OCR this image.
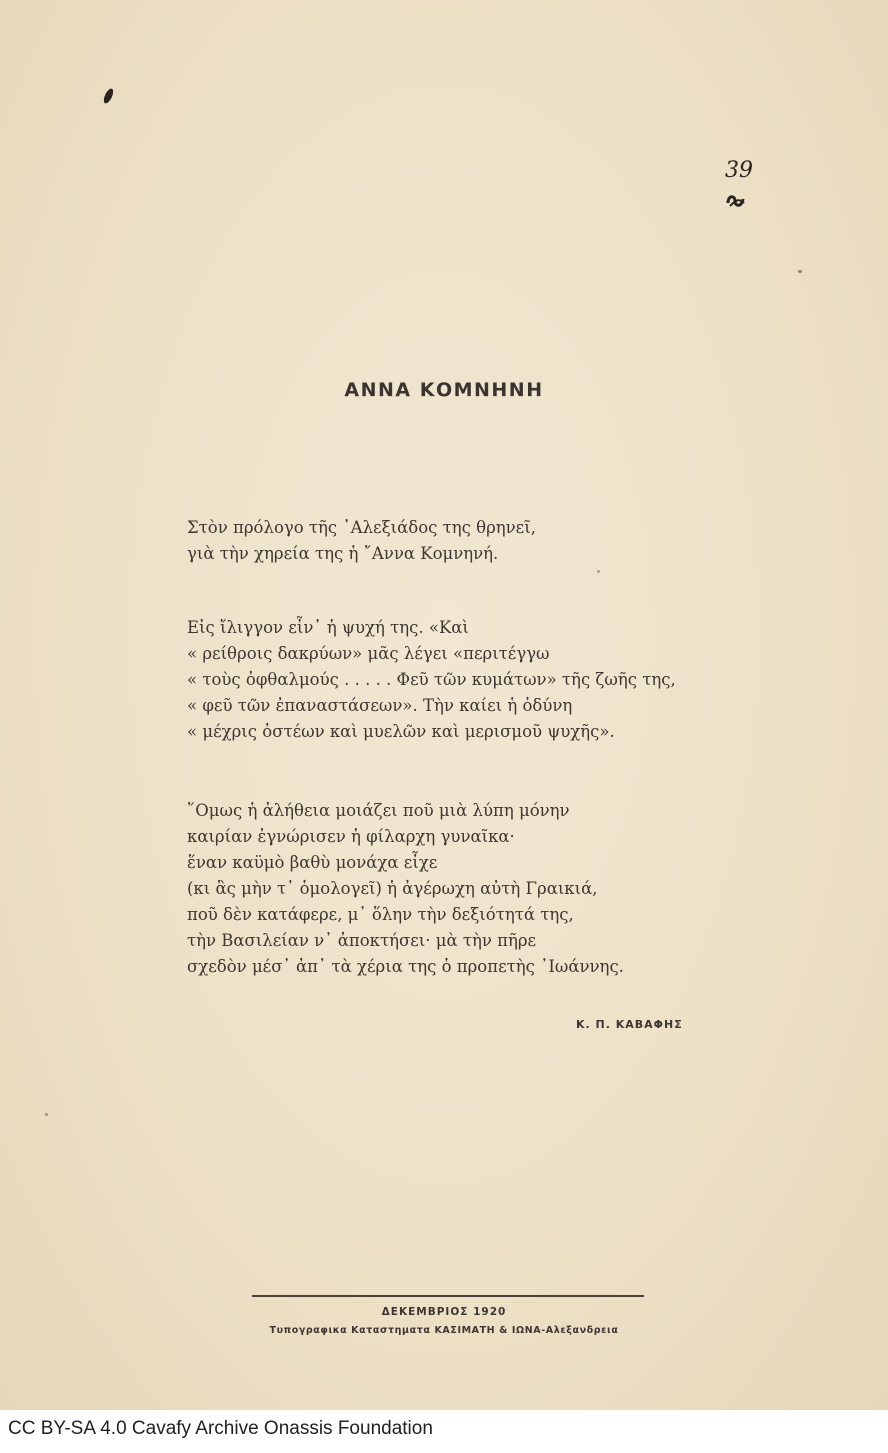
39
ΑΝΝΑ ΚΟΜΝΗΝΗ
Στὸν πρόλογο τῆς ᾿Αλεξιάδος της θρηνεῖ,
γιὰ τὴν χηρεία της ἡ ῎Αννα Κομνηνή.
Εἰς ἴλιγγον εἶν᾿ ἡ ψυχή της. «Καὶ
« ρείθροις δακρύων» μᾶς λέγει «περιτέγγω
« τοὺς ὀφθαλμούς . . . . . Φεῦ τῶν κυμάτων» τῆς ζωῆς της,
« φεῦ τῶν ἐπαναστάσεων». Τὴν καίει ἡ ὀδύνη
« μέχρις ὀστέων καὶ μυελῶν καὶ μερισμοῦ ψυχῆς».
῞Ομως ἡ ἀλήθεια μοιάζει ποῦ μιὰ λύπη μόνην
καιρίαν ἐγνώρισεν ἡ φίλαρχη γυναῖκα·
ἕναν καϋμὸ βαθὺ μονάχα εἶχε
(κι ἂς μὴν τ᾿ ὁμολογεῖ) ἡ ἀγέρωχη αὐτὴ Γραικιά,
ποῦ δὲν κατάφερε, μ᾿ ὅλην τὴν δεξιότητά της,
τὴν Βασιλείαν ν᾿ ἀποκτήσει· μὰ τὴν πῆρε
σχεδὸν μέσ᾿ ἀπ᾿ τὰ χέρια της ὁ προπετὴς ᾿Ιωάννης.
Κ. Π. ΚΑΒΑΦΗΣ
ΔΕΚΕΜΒΡΙΟΣ 1920
Τυπογραφικα Καταστηματα ΚΑΣΙΜΑΤΗ & ΙΩΝΑ-Αλεξανδρεια
CC BY-SA 4.0 Cavafy Archive Onassis Foundation
